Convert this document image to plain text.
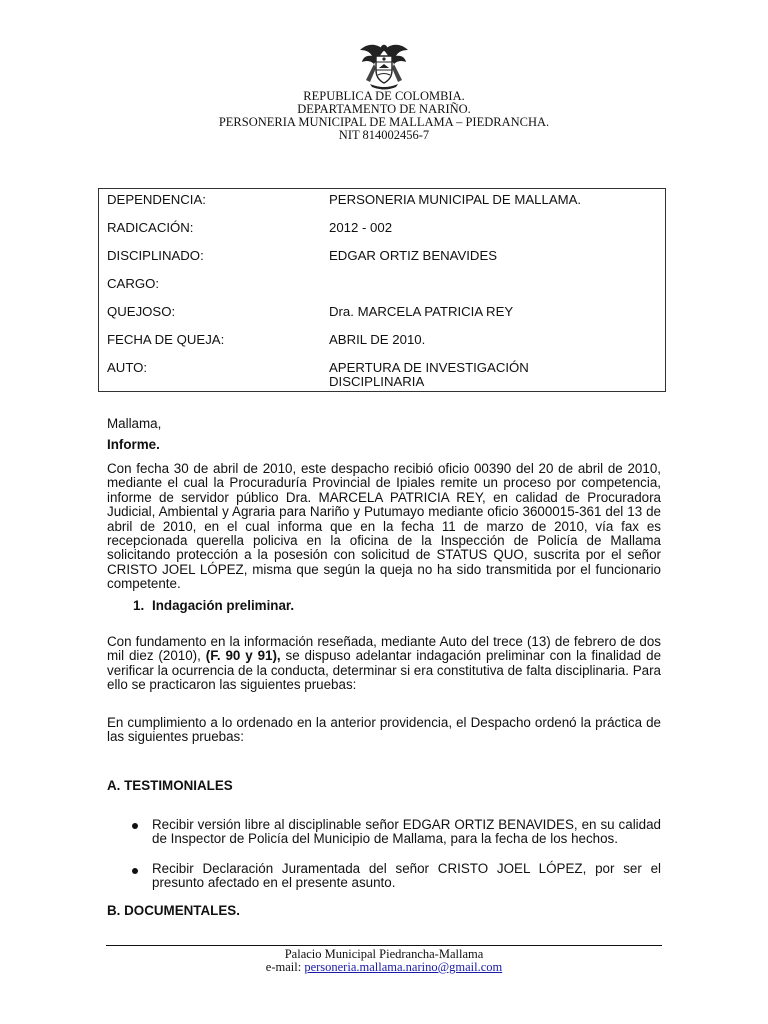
REPUBLICA DE COLOMBIA.
DEPARTAMENTO DE NARIÑO.
PERSONERIA MUNICIPAL DE MALLAMA – PIEDRANCHA.
NIT 814002456-7
DEPENDENCIA:	PERSONERIA MUNICIPAL DE MALLAMA.
RADICACIÓN:	2012 - 002
DISCIPLINADO:	EDGAR ORTIZ BENAVIDES
CARGO:
QUEJOSO:	Dra. MARCELA PATRICIA REY
FECHA DE QUEJA:	ABRIL DE 2010.
AUTO:	APERTURA DE INVESTIGACIÓN DISCIPLINARIA
Mallama,
Informe.
Con fecha 30 de abril de 2010, este despacho recibió oficio 00390 del 20 de abril de 2010, mediante el cual la Procuraduría Provincial de Ipiales remite un proceso por competencia, informe de servidor público Dra. MARCELA PATRICIA REY, en calidad de Procuradora Judicial, Ambiental y Agraria para Nariño y Putumayo mediante oficio 3600015-361 del 13 de abril de 2010, en el cual informa que en la fecha 11 de marzo de 2010, vía fax es recepcionada querella policiva en la oficina de la Inspección de Policía de Mallama solicitando protección a la posesión con solicitud de STATUS QUO, suscrita por el señor CRISTO JOEL LÓPEZ, misma que según la queja no ha sido transmitida por el funcionario competente.
1. Indagación preliminar.
Con fundamento en la información reseñada, mediante Auto del trece (13) de febrero de dos mil diez (2010), (F. 90 y 91), se dispuso adelantar indagación preliminar con la finalidad de verificar la ocurrencia de la conducta, determinar si era constitutiva de falta disciplinaria. Para ello se practicaron las siguientes pruebas:
En cumplimiento a lo ordenado en la anterior providencia, el Despacho ordenó la práctica de las siguientes pruebas:
A. TESTIMONIALES
Recibir versión libre al disciplinable señor EDGAR ORTIZ BENAVIDES, en su calidad de Inspector de Policía del Municipio de Mallama, para la fecha de los hechos.
Recibir Declaración Juramentada del señor CRISTO JOEL LÓPEZ, por ser el presunto afectado en el presente asunto.
B. DOCUMENTALES.
Palacio Municipal Piedrancha-Mallama
e-mail: personeria.mallama.narino@gmail.com
